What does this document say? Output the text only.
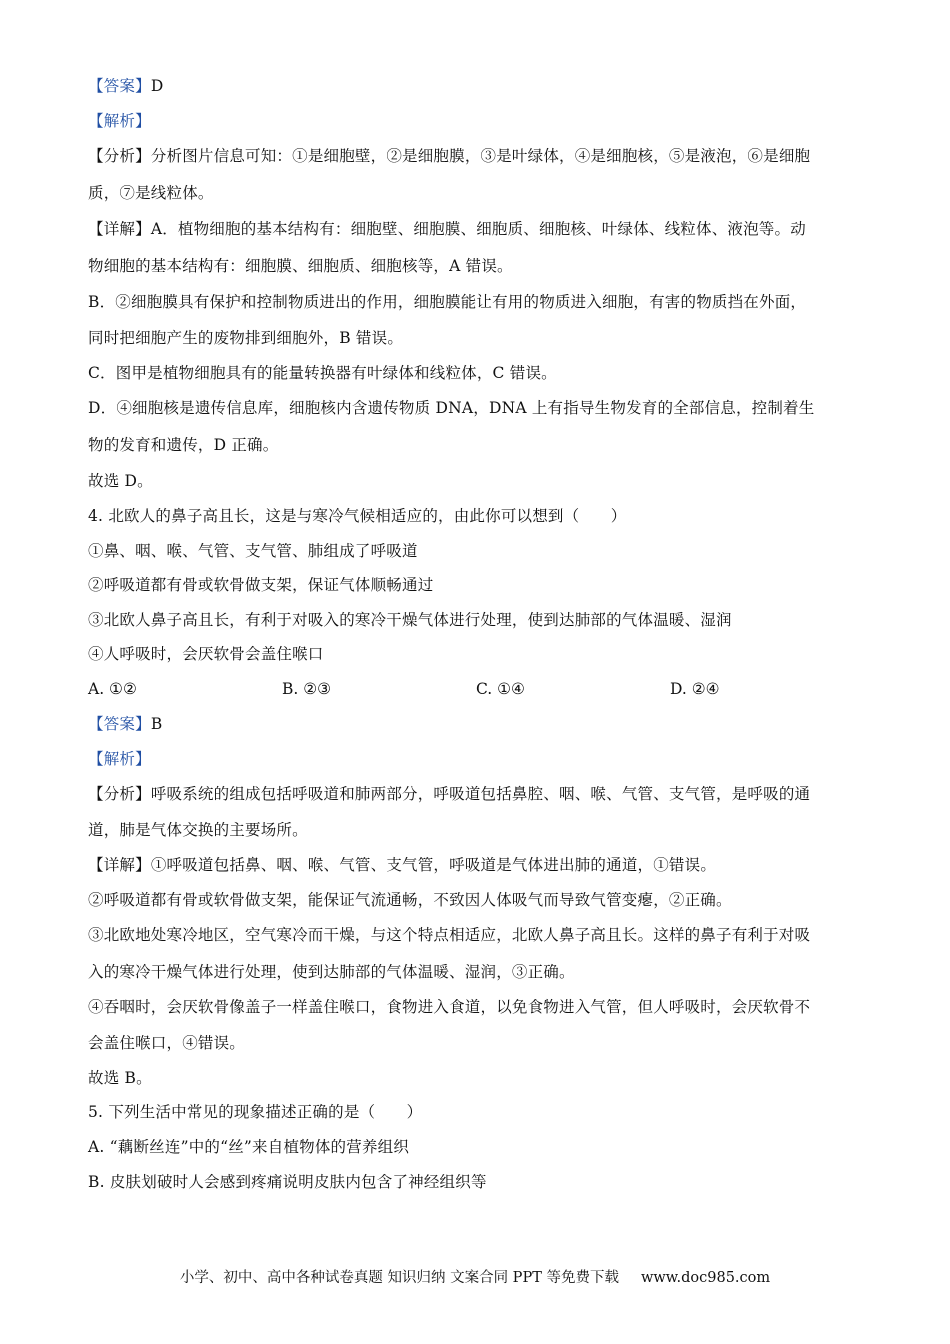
【答案】D
【解析】
【分析】分析图片信息可知：①是细胞壁，②是细胞膜，③是叶绿体，④是细胞核，⑤是液泡，⑥是细胞
质，⑦是线粒体。
【详解】A．植物细胞的基本结构有：细胞壁、细胞膜、细胞质、细胞核、叶绿体、线粒体、液泡等。动
物细胞的基本结构有：细胞膜、细胞质、细胞核等，A 错误。
B．②细胞膜具有保护和控制物质进出的作用，细胞膜能让有用的物质进入细胞，有害的物质挡在外面，
同时把细胞产生的废物排到细胞外，B 错误。
C．图甲是植物细胞具有的能量转换器有叶绿体和线粒体，C 错误。
D．④细胞核是遗传信息库，细胞核内含遗传物质 DNA，DNA 上有指导生物发育的全部信息，控制着生
物的发育和遗传，D 正确。
故选 D。
4. 北欧人的鼻子高且长，这是与寒冷气候相适应的，由此你可以想到（　　）
①鼻、咽、喉、气管、支气管、肺组成了呼吸道
②呼吸道都有骨或软骨做支架，保证气体顺畅通过
③北欧人鼻子高且长，有利于对吸入的寒冷干燥气体进行处理，使到达肺部的气体温暖、湿润
④人呼吸时，会厌软骨会盖住喉口
A. ①②	B. ②③	C. ①④	D. ②④
【答案】B
【解析】
【分析】呼吸系统的组成包括呼吸道和肺两部分，呼吸道包括鼻腔、咽、喉、气管、支气管，是呼吸的通
道，肺是气体交换的主要场所。
【详解】①呼吸道包括鼻、咽、喉、气管、支气管，呼吸道是气体进出肺的通道，①错误。
②呼吸道都有骨或软骨做支架，能保证气流通畅，不致因人体吸气而导致气管变瘪，②正确。
③北欧地处寒冷地区，空气寒冷而干燥，与这个特点相适应，北欧人鼻子高且长。这样的鼻子有利于对吸
入的寒冷干燥气体进行处理，使到达肺部的气体温暖、湿润，③正确。
④吞咽时，会厌软骨像盖子一样盖住喉口，食物进入食道，以免食物进入气管，但人呼吸时，会厌软骨不
会盖住喉口，④错误。
故选 B。
5. 下列生活中常见的现象描述正确的是（　　）
A. “藕断丝连”中的“丝”来自植物体的营养组织
B. 皮肤划破时人会感到疼痛说明皮肤内包含了神经组织等
小学、初中、高中各种试卷真题 知识归纳 文案合同 PPT 等免费下载 www.doc985.com
